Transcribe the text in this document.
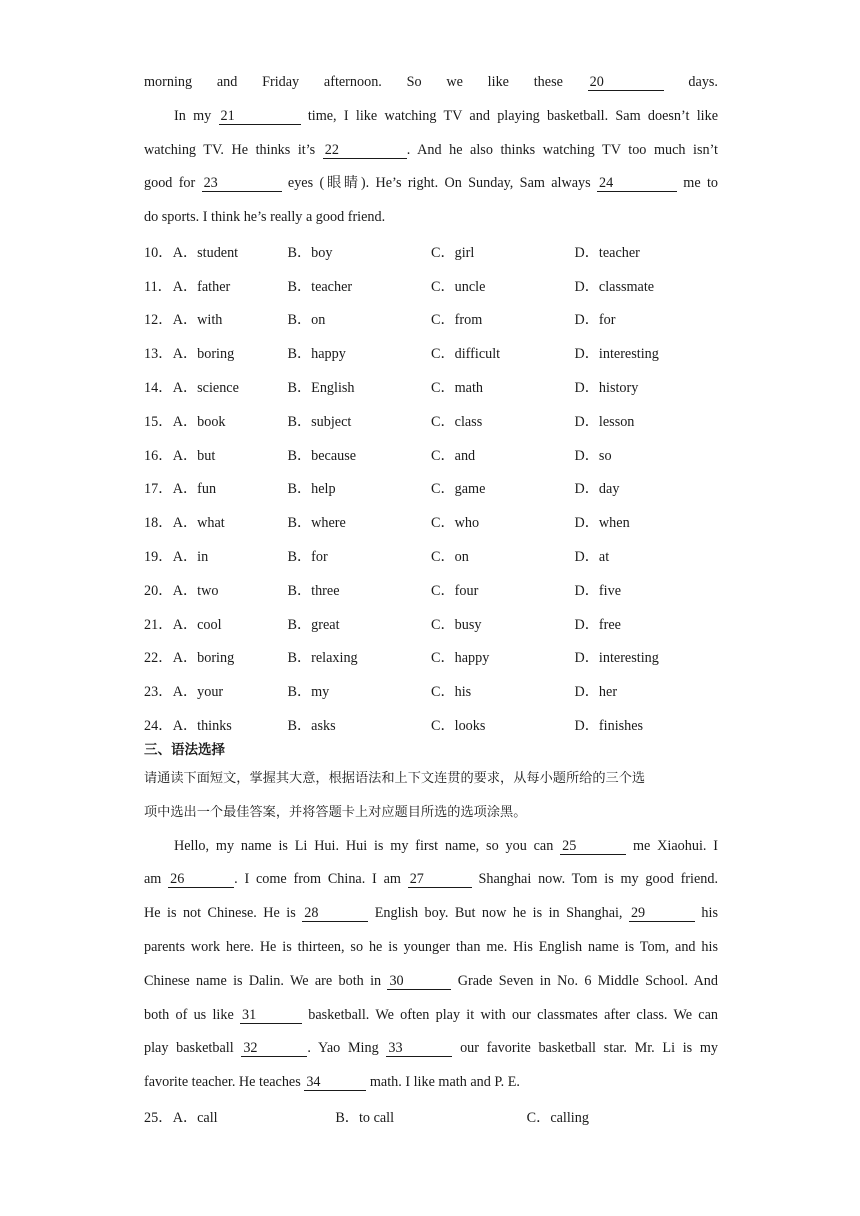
morning and Friday afternoon. So we like these 20	days.
In my 21	time, I like watching TV and playing basketball. Sam doesn’t like
watching TV. He thinks it’s 22	. And he also thinks watching TV too much isn’t
good for 23	eyes (眼睛). He’s right. On Sunday, Sam always 24	me to
do sports. I think he’s really a good friend.
10． A．student	B．boy	C．girl	D．teacher
11． A．father	B．teacher	C．uncle	D．classmate
12． A．with	B．on	C．from	D．for
13． A．boring	B．happy	C．difficult	D．interesting
14． A．science	B．English	C．math	D．history
15． A．book	B．subject	C．class	D．lesson
16． A．but	B．because	C．and	D．so
17． A．fun	B．help	C．game	D．day
18． A．what	B．where	C．who	D．when
19． A．in	B．for	C．on	D．at
20． A．two	B．three	C．four	D．five
21． A．cool	B．great	C．busy	D．free
22． A．boring	B．relaxing	C．happy	D．interesting
23． A．your	B．my	C．his	D．her
24． A．thinks	B．asks	C．looks	D．finishes
三、语法选择

请通读下面短文，掌握其大意，根据语法和上下文连贯的要求，从每小题所给的三个选
项中选出一个最佳答案，并将答题卡上对应题目所选的选项涂黑。

Hello, my name is Li Hui. Hui is my first name, so you can 25	me Xiaohui. I
am 26	. I come from China. I am 27	Shanghai now. Tom is my good friend.
He is not Chinese. He is 28	English boy. But now he is in Shanghai, 29	his
parents work here. He is thirteen, so he is younger than me. His English name is Tom, and his
Chinese name is Dalin. We are both in 30	Grade Seven in No. 6 Middle School. And
both of us like 31	basketball. We often play it with our classmates after class. We can
play basketball 32	. Yao Ming 33	our favorite basketball star. Mr. Li is my
favorite teacher. He teaches 34	math. I like math and P. E.
25． A．call	B．to call	C．calling
